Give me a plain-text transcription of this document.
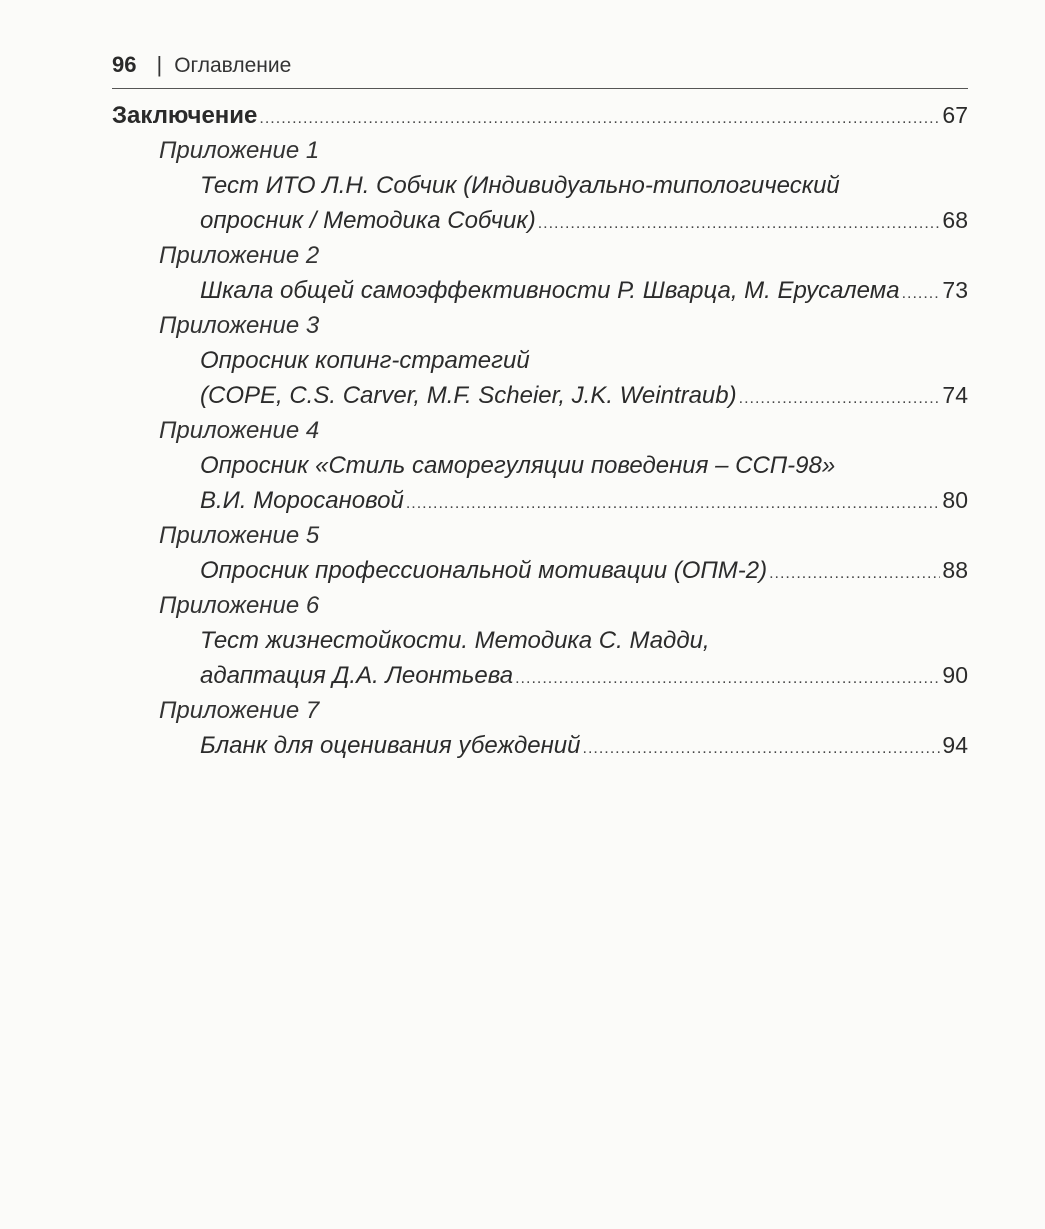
96 | Оглавление
Заключение .....	67
Приложение 1
Тест ИТО Л.Н. Собчик (Индивидуально-типологический
опросник / Методика Собчик) .....	68
Приложение 2
Шкала общей самоэффективности Р. Шварца, М. Ерусалема ..... 73
Приложение 3
Опросник копинг-стратегий
(COPE, C.S. Carver, M.F. Scheier, J.K. Weintraub) .....	74
Приложение 4
Опросник «Стиль саморегуляции поведения – ССП-98»
В.И. Моросановой .....	80
Приложение 5
Опросник профессиональной мотивации (ОПМ-2) .....	88
Приложение 6
Тест жизнестойкости. Методика С. Мадди,
адаптация Д.А. Леонтьева .....	90
Приложение 7
Бланк для оценивания убеждений .....	94
